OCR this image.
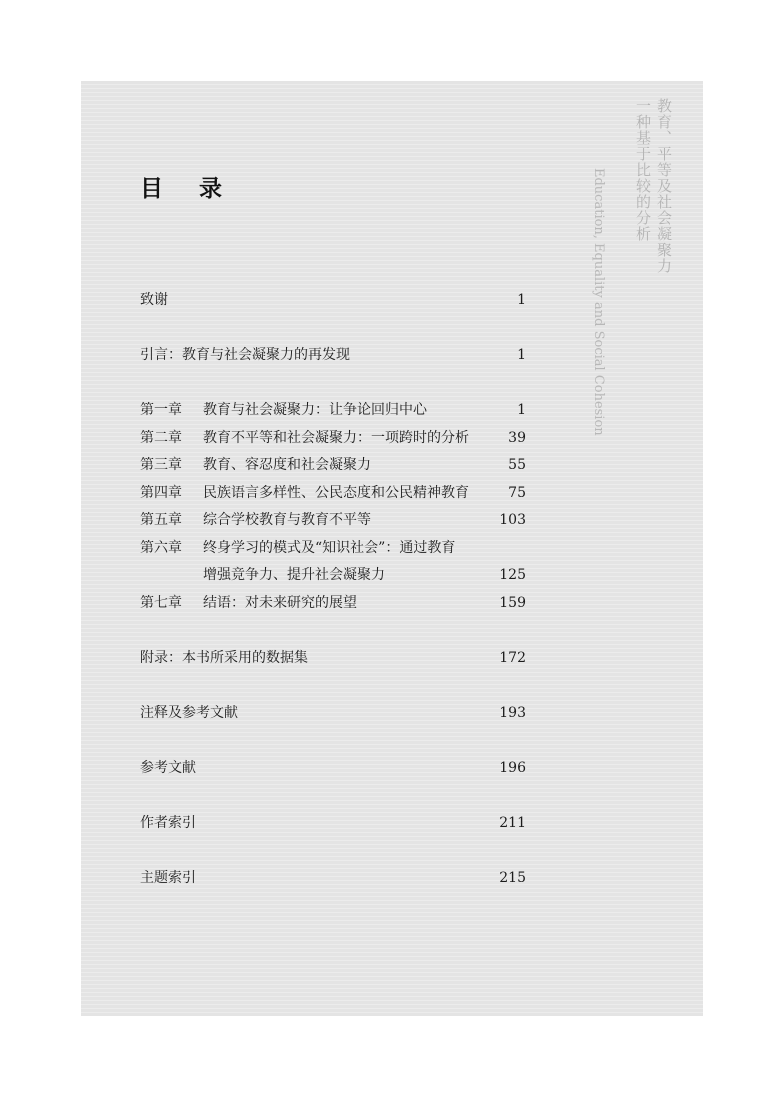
目 录	教育、平等及社会凝聚力
一种基于比较的分析
Education, Equality and Social Cohesion
致谢	1
引言：教育与社会凝聚力的再发现	1
第一章 教育与社会凝聚力：让争论回归中心	1
第二章 教育不平等和社会凝聚力：一项跨时的分析	39
第三章 教育、容忍度和社会凝聚力	55
第四章 民族语言多样性、公民态度和公民精神教育	75
第五章 综合学校教育与教育不平等	103
第六章 终身学习的模式及“知识社会”：通过教育
增强竞争力、提升社会凝聚力	125
第七章 结语：对未来研究的展望	159
附录：本书所采用的数据集	172
注释及参考文献	193
参考文献	196
作者索引	211
主题索引	215
